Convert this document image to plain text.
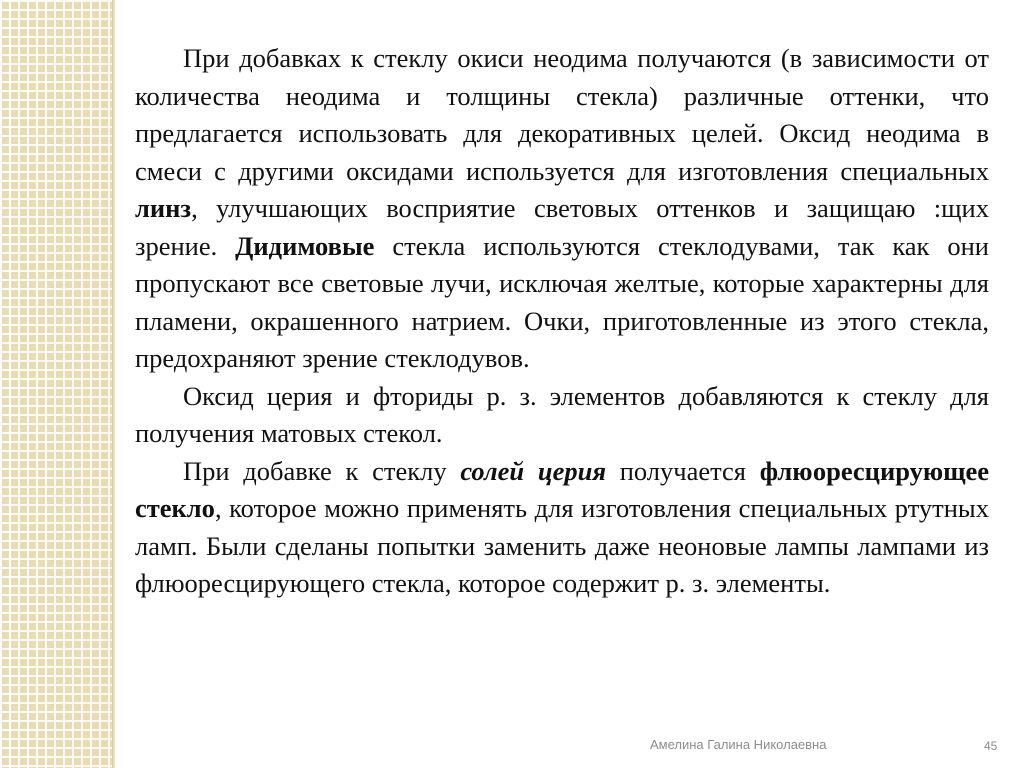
При добавках к стеклу окиси неодима получаются (в зависимости от количества неодима и толщины стекла) различные оттенки, что предлагается использовать для декоративных целей. Оксид неодима в смеси с другими оксидами используется для изготовления специальных линз, улучшающих восприятие световых оттенков и защищаю :щих зрение. Дидимовые стекла используются стеклодувами, так как они пропускают все световые лучи, исключая желтые, которые характерны для пламени, окрашенного натрием. Очки, приготовленные из этого стекла, предохраняют зрение стеклодувов.

Оксид церия и фториды р. з. элементов добавляются к стеклу для получения матовых стекол.

При добавке к стеклу солей церия получается флюоресцирующее стекло, которое можно применять для изготовления специальных ртутных ламп. Были сделаны попытки заменить даже неоновые лампы лампами из флюоресцирующего стекла, которое содержит р. з. элементы.

Амелина Галина Николаевна	45
